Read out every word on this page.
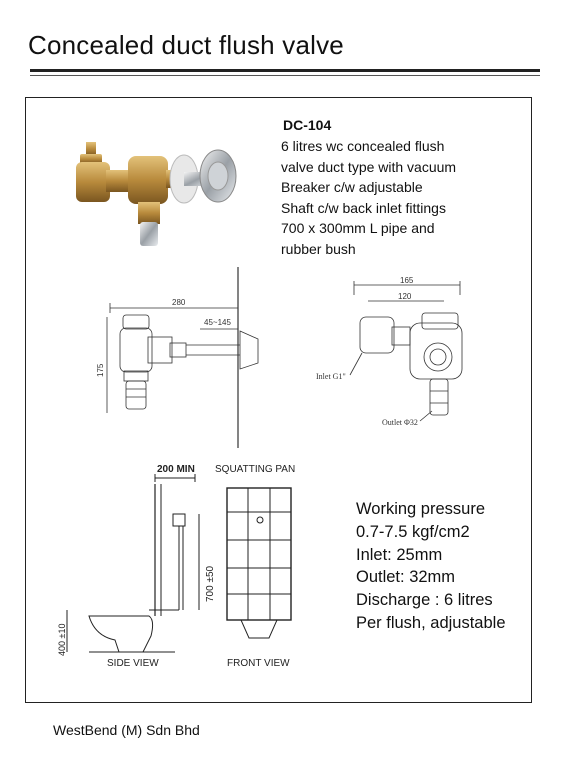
Concealed duct flush valve
DC-104
6 litres wc concealed flush
valve duct type with vacuum
Breaker c/w adjustable
Shaft c/w back inlet fittings
700 x 300mm L pipe and
rubber bush
280
45~145
175
165
120
Inlet G1"
Outlet Φ32
200 MIN SQUATTING PAN
700 ±50
400 ±10
SIDE VIEW	FRONT VIEW
Working pressure
0.7-7.5 kgf/cm2
Inlet: 25mm
Outlet: 32mm
Discharge : 6 litres
Per flush, adjustable
WestBend (M) Sdn Bhd
